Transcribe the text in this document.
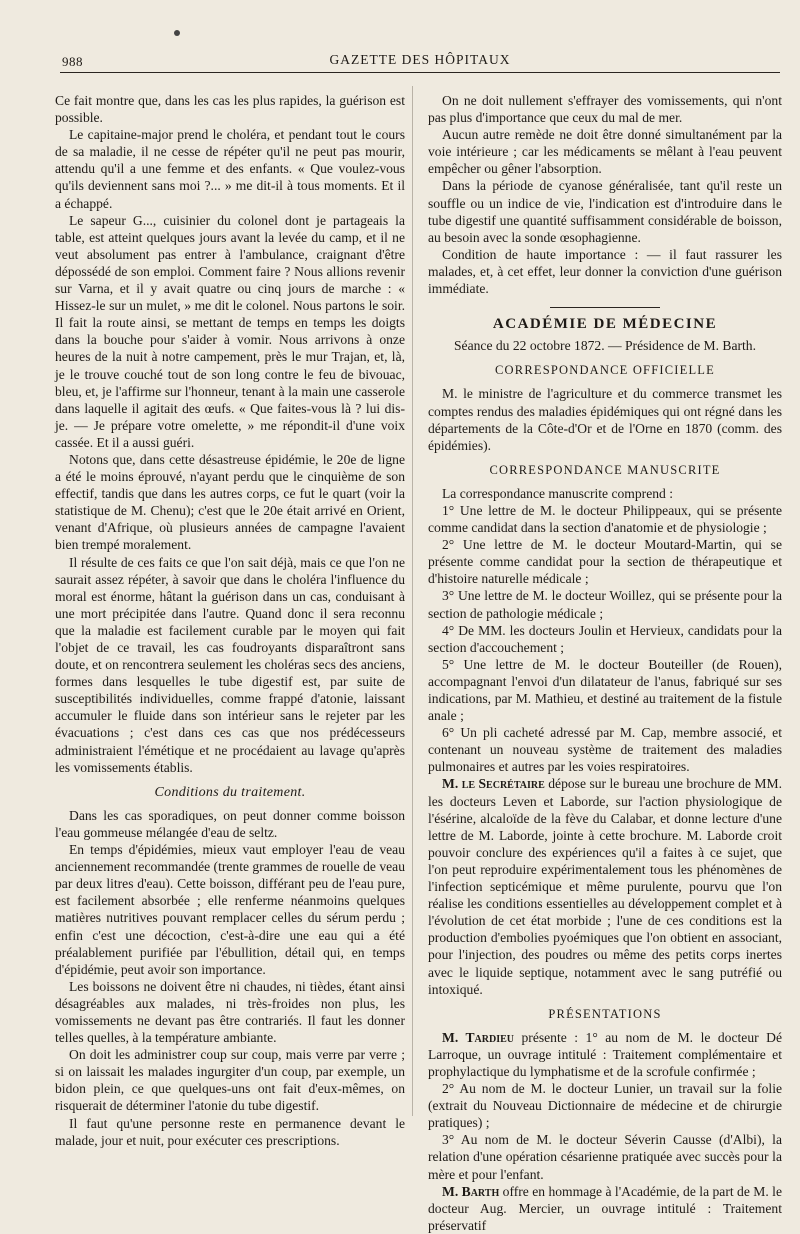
988	GAZETTE DES HÔPITAUX

Ce fait montre que, dans les cas les plus rapides, la guérison est possible.

Le capitaine-major prend le choléra, et pendant tout le cours de sa maladie, il ne cesse de répéter qu'il ne peut pas mourir, attendu qu'il a une femme et des enfants. « Que voulez-vous qu'ils deviennent sans moi ?... » me dit-il à tous moments. Et il a échappé.

Le sapeur G..., cuisinier du colonel dont je partageais la table, est atteint quelques jours avant la levée du camp, et il ne veut absolument pas entrer à l'ambulance, craignant d'être dépossédé de son emploi. Comment faire ? Nous allions revenir sur Varna, et il y avait quatre ou cinq jours de marche : « Hissez-le sur un mulet, » me dit le colonel. Nous partons le soir. Il fait la route ainsi, se mettant de temps en temps les doigts dans la bouche pour s'aider à vomir. Nous arrivons à onze heures de la nuit à notre campement, près le mur Trajan, et, là, je le trouve couché tout de son long contre le feu de bivouac, bleu, et, je l'affirme sur l'honneur, tenant à la main une casserole dans laquelle il agitait des œufs. « Que faites-vous là ? lui dis-je. — Je prépare votre omelette, » me répondit-il d'une voix cassée. Et il a aussi guéri.

Notons que, dans cette désastreuse épidémie, le 20e de ligne a été le moins éprouvé, n'ayant perdu que le cinquième de son effectif, tandis que dans les autres corps, ce fut le quart (voir la statistique de M. Chenu); c'est que le 20e était arrivé en Orient, venant d'Afrique, où plusieurs années de campagne l'avaient bien trempé moralement.

Il résulte de ces faits ce que l'on sait déjà, mais ce que l'on ne saurait assez répéter, à savoir que dans le choléra l'influence du moral est énorme, hâtant la guérison dans un cas, conduisant à une mort précipitée dans l'autre. Quand donc il sera reconnu que la maladie est facilement curable par le moyen qui fait l'objet de ce travail, les cas foudroyants disparaîtront sans doute, et on rencontrera seulement les choléras secs des anciens, formes dans lesquelles le tube digestif est, par suite de susceptibilités individuelles, comme frappé d'atonie, laissant accumuler le fluide dans son intérieur sans le rejeter par les évacuations ; c'est dans ces cas que nos prédécesseurs administraient l'émétique et ne procédaient au lavage qu'après les vomissements établis.

Conditions du traitement.

Dans les cas sporadiques, on peut donner comme boisson l'eau gommeuse mélangée d'eau de seltz.

En temps d'épidémies, mieux vaut employer l'eau de veau anciennement recommandée (trente grammes de rouelle de veau par deux litres d'eau). Cette boisson, différant peu de l'eau pure, est facilement absorbée ; elle renferme néanmoins quelques matières nutritives pouvant remplacer celles du sérum perdu ; enfin c'est une décoction, c'est-à-dire une eau qui a été préalablement purifiée par l'ébullition, détail qui, en temps d'épidémie, peut avoir son importance.

Les boissons ne doivent être ni chaudes, ni tièdes, étant ainsi désagréables aux malades, ni très-froides non plus, les vomissements ne devant pas être contrariés. Il faut les donner telles quelles, à la température ambiante.

On doit les administrer coup sur coup, mais verre par verre ; si on laissait les malades ingurgiter d'un coup, par exemple, un bidon plein, ce que quelques-uns ont fait d'eux-mêmes, on risquerait de déterminer l'atonie du tube digestif.

Il faut qu'une personne reste en permanence devant le malade, jour et nuit, pour exécuter ces prescriptions.

On ne doit nullement s'effrayer des vomissements, qui n'ont pas plus d'importance que ceux du mal de mer.

Aucun autre remède ne doit être donné simultanément par la voie intérieure ; car les médicaments se mêlant à l'eau peuvent empêcher ou gêner l'absorption.

Dans la période de cyanose généralisée, tant qu'il reste un souffle ou un indice de vie, l'indication est d'introduire dans le tube digestif une quantité suffisamment considérable de boisson, au besoin avec la sonde œsophagienne.

Condition de haute importance : — il faut rassurer les malades, et, à cet effet, leur donner la conviction d'une guérison immédiate.

ACADÉMIE DE MÉDECINE
Séance du 22 octobre 1872. — Présidence de M. Barth.
CORRESPONDANCE OFFICIELLE

M. le ministre de l'agriculture et du commerce transmet les comptes rendus des maladies épidémiques qui ont régné dans les départements de la Côte-d'Or et de l'Orne en 1870 (comm. des épidémies).

CORRESPONDANCE MANUSCRITE

La correspondance manuscrite comprend :

1° Une lettre de M. le docteur Philippeaux, qui se présente comme candidat dans la section d'anatomie et de physiologie ;

2° Une lettre de M. le docteur Moutard-Martin, qui se présente comme candidat pour la section de thérapeutique et d'histoire naturelle médicale ;

3° Une lettre de M. le docteur Woillez, qui se présente pour la section de pathologie médicale ;

4° De MM. les docteurs Joulin et Hervieux, candidats pour la section d'accouchement ;

5° Une lettre de M. le docteur Bouteiller (de Rouen), accompagnant l'envoi d'un dilatateur de l'anus, fabriqué sur ses indications, par M. Mathieu, et destiné au traitement de la fistule anale ;

6° Un pli cacheté adressé par M. Cap, membre associé, et contenant un nouveau système de traitement des maladies pulmonaires et autres par les voies respiratoires.

M. le Secrétaire dépose sur le bureau une brochure de MM. les docteurs Leven et Laborde, sur l'action physiologique de l'ésérine, alcaloïde de la fève du Calabar, et donne lecture d'une lettre de M. Laborde, jointe à cette brochure. M. Laborde croit pouvoir conclure des expériences qu'il a faites à ce sujet, que l'on peut reproduire expérimentalement tous les phénomènes de l'infection septicémique et même purulente, pourvu que l'on réalise les conditions essentielles au développement complet et à l'évolution de cet état morbide ; l'une de ces conditions est la production d'embolies pyoémiques que l'on obtient en associant, pour l'injection, des poudres ou même des petits corps inertes avec le liquide septique, notamment avec le sang putréfié ou intoxiqué.

PRÉSENTATIONS

M. Tardieu présente : 1° au nom de M. le docteur Dé Larroque, un ouvrage intitulé : Traitement complémentaire et prophylactique du lymphatisme et de la scrofule confirmée ;

2° Au nom de M. le docteur Lunier, un travail sur la folie (extrait du Nouveau Dictionnaire de médecine et de chirurgie pratiques) ;

3° Au nom de M. le docteur Séverin Causse (d'Albi), la relation d'une opération césarienne pratiquée avec succès pour la mère et pour l'enfant.

M. Barth offre en hommage à l'Académie, de la part de M. le docteur Aug. Mercier, un ouvrage intitulé : Traitement préservatif
